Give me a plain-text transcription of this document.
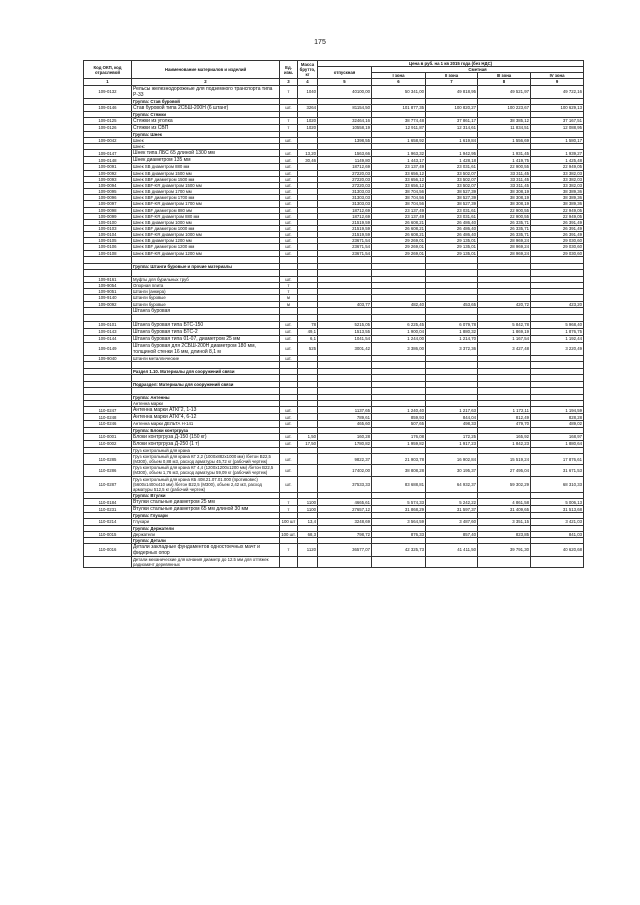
175
Код ОКП, код отраслевой	Наименование материалов и изделий	Ед. изм.	Масса брутто, кг	Цена в руб. на 1 кв 2015 года (без НДС)				
				отпускная	Сметная			
					I зона	II зона	III зона	IV зона
1	2	3	4	5	6	7	8	9
109-0132	Рельсы железнодорожные для подземного транспорта типа Р-33	т	1040	40100,00	50 341,00	49 818,95	49 521,97	49 722,16
	Группа: Став буровой							
109-0146	Став буровой типа 2СБШ-200Н (6 штанг)	шт.	3264	81154,50	101 877,35	100 820,27	100 223,67	100 629,13
	Группа: Стяжки							
109-0125	Стяжки из уголка	т	1020	32464,16	38 774,48	37 861,17	38 385,12	37 167,51
109-0126	Стяжки из СВП	т	1020	10558,19	12 911,87	12 314,61	11 834,51	12 088,95
	Группа: Шнек							
109-0042	Шнек	шт.		1398,55	1 658,92	1 619,84	1 556,69	1 580,17
	Шнек:							
109-0147	Шнек типа ЛБС 65 длиной 1300 мм	шт.	13,20	1563,66	1 963,32	1 942,95	1 931,45	1 939,27
109-0148	Шнек диаметром 135 мм	шт.	30,46	1149,80	1 443,17	1 428,18	1 419,75	1 425,48
109-0091	Шнек SB диаметром 880 мм	шт.		18712,69	23 137,49	23 031,61	22 900,55	22 949,05
109-0092	Шнек SB диаметром 1500 мм	шт.		27220,03	33 656,12	33 502,07	33 311,45	33 382,03
109-0093	Шнек SBF диаметром 1500 мм	шт.		27220,03	33 656,12	33 502,07	33 311,45	33 382,03
109-0094	Шнек SBF-KR диаметром 1500 мм	шт.		27220,03	33 656,12	33 502,07	33 311,45	33 382,03
109-0095	Шнек SB диаметром 1700 мм	шт.		31303,03	38 704,56	38 527,39	38 308,19	38 389,36
109-0096	Шнек SBF диаметром 1700 мм	шт.		31303,03	38 704,56	38 527,39	38 308,19	38 389,36
109-0097	Шнек SBF-KR диаметром 1700 мм	шт.		31303,03	38 704,56	38 527,39	38 308,19	38 389,36
109-0098	Шнек SBF диаметром 880 мм	шт.		18712,69	23 137,49	23 031,61	22 900,55	22 949,05
109-0099	Шнек SBF-KR диаметром 880 мм	шт.		18712,69	23 137,49	23 031,61	22 900,55	22 949,05
109-0100	Шнек SB диаметром 1000 мм	шт.		21519,59	26 608,21	26 486,40	26 335,71	26 391,49
109-0103	Шнек SBF диаметром 1000 мм	шт.		21519,59	26 608,21	26 486,40	26 335,71	26 391,49
109-0104	Шнек SBF-KR диаметром 1000 мм	шт.		21519,59	26 608,21	26 486,40	26 335,71	26 391,49
109-0105	Шнек SB диаметром 1200 мм	шт.		23671,54	29 269,01	29 135,01	28 969,24	29 030,60
109-0106	Шнек SBF диаметром 1200 мм	шт.		23671,54	29 269,01	29 135,01	28 969,24	29 030,60
109-0108	Шнек SBF-KR диаметром 1200 мм	шт.		23671,54	29 269,01	29 135,01	28 969,24	29 030,60

	Группа: Штанги буровые и прочие материалы							

109-9161	Муфты для бурильных труб	шт.						
109-9054	Опорная плита	т						
109-9051	Штанги (анкера)	т						
109-9140	Штанги буровые	м						
109-0092	Штанги буровые	м		403,77	482,40	453,65	420,72	423,20
	Штанга буровая							

109-0101	Штанга буровая типа БТС-150	шт.	78	5215,05	6 225,45	6 079,78	5 842,78	5 968,40
109-0143	Штанга буровая типа БТС-2	шт.	49,1	1513,55	1 900,04	1 880,32	1 869,19	1 876,75
109-0144	Штанга буровая типа 01-07, диаметром 25 мм	шт.	6,1	1041,54	1 244,00	1 214,70	1 167,54	1 192,44
109-0149	Штанга буровая для 2СБШ-200Н диаметром 180 мм, толщиной стенки 16 мм, длиной 8,1 м	шт.	525	3001,42	3 386,00	3 372,36	3 427,48	3 220,49
109-9040	Штанги металлические	шт.						

	Раздел 1.10. Материалы для сооружений связи							

	Подраздел: Материалы для сооружений связи							

	Группа: Антенны							
	Антенна марки							
110-0247	Антенна марки АТКГ2, 1-13	шт.		1137,65	1 240,40	1 217,63	1 172,11	1 194,59
110-0248	Антенна марки АТКГ4, 6-12	шт.		789,61	859,93	844,04	812,49	828,28
110-0246	Антенна марки ДЕЛЬТА Н-141	шт.		465,60	507,65	498,33	479,70	489,02
	Группа: Блоки контргруза							
110-0001	Блоки контргруза Д-150 (150 кг)	шт.	1,50	160,28	176,08	172,25	165,92	168,97
110-0002	Блоки контргруза Д-250 (1 т)	шт.	17,50	1780,82	1 959,82	1 917,23	1 842,23	1 880,64
	Груз контрольный для крана							
110-0285	Груз контрольный для крана КГ 2,2 (1000х882х1000 мм) /бетон В22,5 (М300), объем 0,88 м3, расход арматуры 45,72 кг (рабочий чертеж)	шт.		9822,37	21 903,78	16 902,84	15 519,24	17 876,61
110-0286	Груз контрольный для крана КГ 4,4 (1200х1200х1200 мм) /бетон В22,5 (М300), объем 1,76 м3, расход арматуры 59,09 кг (рабочий чертеж)	шт.		17402,00	38 808,28	30 195,37	27 495,04	31 671,53
110-0287	Груз контрольный для крана КБ 408.21.07.01.000 (противовес) (5600х1400х410 мм) /бетон В22,5 (М300), объем 2,42 м3, расход арматуры 512,5 кг (рабочий чертеж)	шт.		37533,33	83 688,81	64 932,37	59 302,29	68 310,33
	Группа: Втулки							
110-0184	Втулки стальные диаметром 25 мм	т	1100	4665,61	5 574,33	5 242,22	4 861,58	5 006,13
110-0231	Втулки стальные диаметром 65 мм длиной 30 мм	т	1100	27657,12	31 868,29	31 597,37	31 409,65	31 513,68
	Группа: Глухари							
110-0214	Глухари	100 шт	13,4	3248,69	3 564,59	3 487,60	3 351,15	3 421,03
	Группа: Держатели							
110-0015	Держатели	100 шт.	68,3	798,72	876,33	857,40	823,85	841,03
	Группа: Детали							
110-0016	Детали закладные фундаментов одностоечных мачт и фидерных опор	т	1120	36577,07	42 325,73	41 411,50	39 791,30	40 620,68
	Детали механические для качания диаметр до 12.5 мм для оттяжек радиомачт деревянных							
